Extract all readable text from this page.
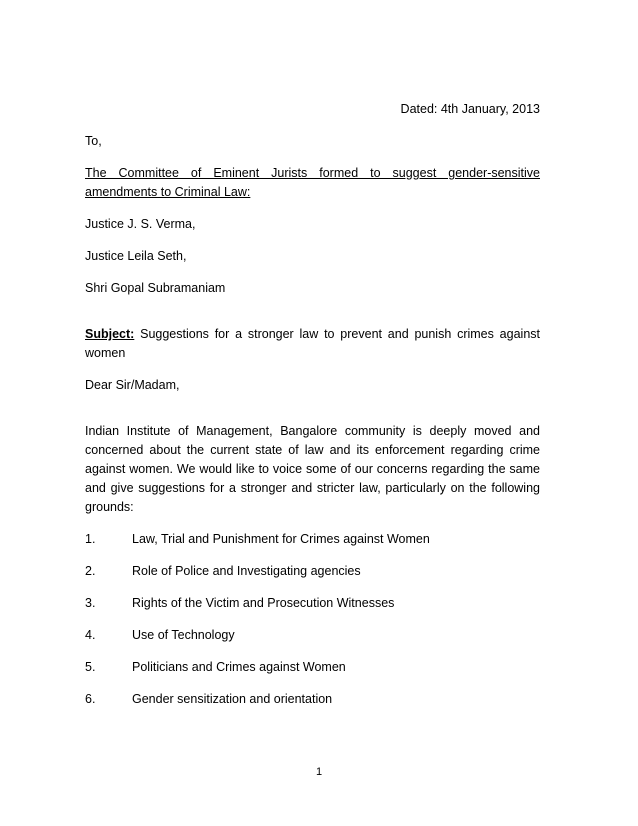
Dated: 4th January, 2013

To,

The Committee of Eminent Jurists formed to suggest gender-sensitive amendments to Criminal Law:

Justice J. S. Verma,

Justice Leila Seth,

Shri Gopal Subramaniam

Subject: Suggestions for a stronger law to prevent and punish crimes against women

Dear Sir/Madam,

Indian Institute of Management, Bangalore community is deeply moved and concerned about the current state of law and its enforcement regarding crime against women. We would like to voice some of our concerns regarding the same and give suggestions for a stronger and stricter law, particularly on the following grounds:

1.	Law, Trial and Punishment for Crimes against Women
2.	Role of Police and Investigating agencies
3.	Rights of the Victim and Prosecution Witnesses
4.	Use of Technology
5.	Politicians and Crimes against Women
6.	Gender sensitization and orientation
1
